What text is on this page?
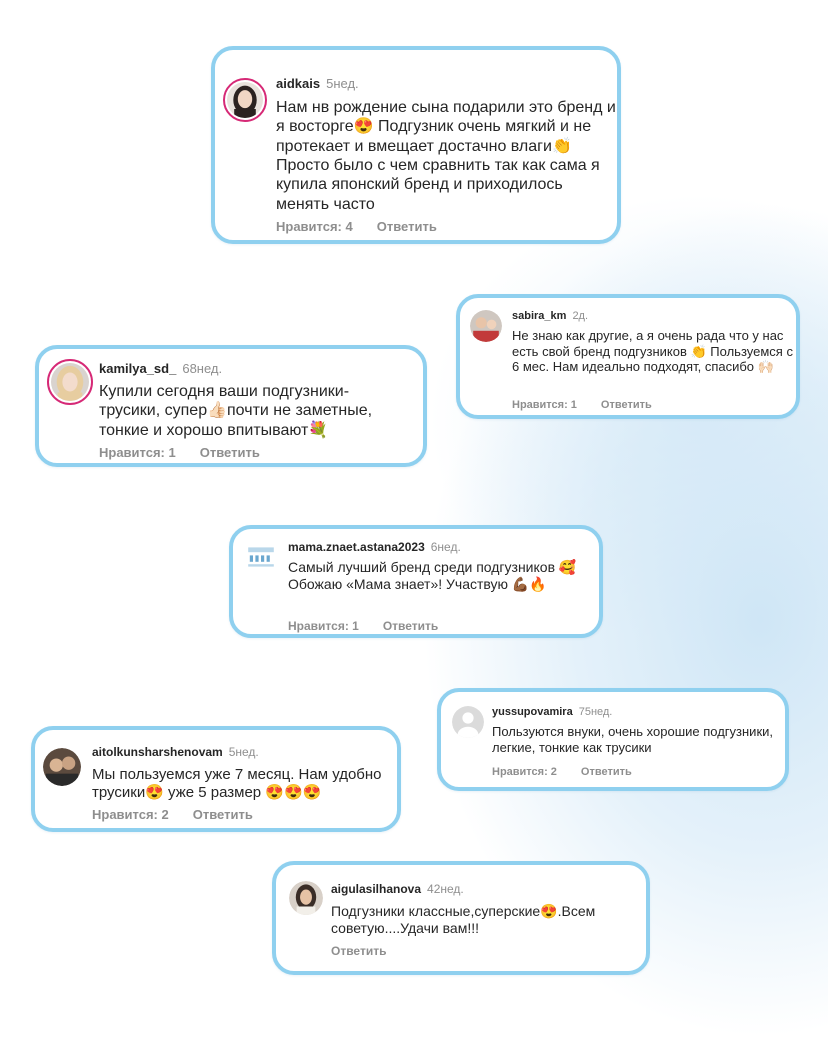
aidkais 5нед.
Нам нв рождение сына подарили это бренд и я восторге😍 Подгузник очень мягкий и не протекает и вмещает достачно влаги👏Просто было с чем сравнить так как сама я купила японский бренд и приходилось менять часто
Нравится: 4 Ответить
sabira_km 2д.
Не знаю как другие, а я очень рада что у нас есть свой бренд подгузников 👏 Пользуемся с 6 мес. Нам идеально подходят, спасибо 🙌🏻
Нравится: 1 Ответить
kamilya_sd_ 68нед.
Купили сегодня ваши подгузники-трусики, супер👍🏻почти не заметные, тонкие и хорошо впитывают💐
Нравится: 1 Ответить
mama.znaet.astana2023 6нед.
Самый лучший бренд среди подгузников 🥰 Обожаю «Мама знает»! Участвую 💪🏾🔥
Нравится: 1 Ответить
yussupovamira 75нед.
Пользуются внуки, очень хорошие подгузники, легкие, тонкие как трусики
Нравится: 2 Ответить
aitolkunsharshenovam 5нед.
Мы пользуемся уже 7 месяц. Нам удобно трусики😍 уже 5 размер 😍😍😍
Нравится: 2 Ответить
aigulasilhanova 42нед.
Подгузники классные,суперские😍.Всем советую....Удачи вам!!!
Ответить
